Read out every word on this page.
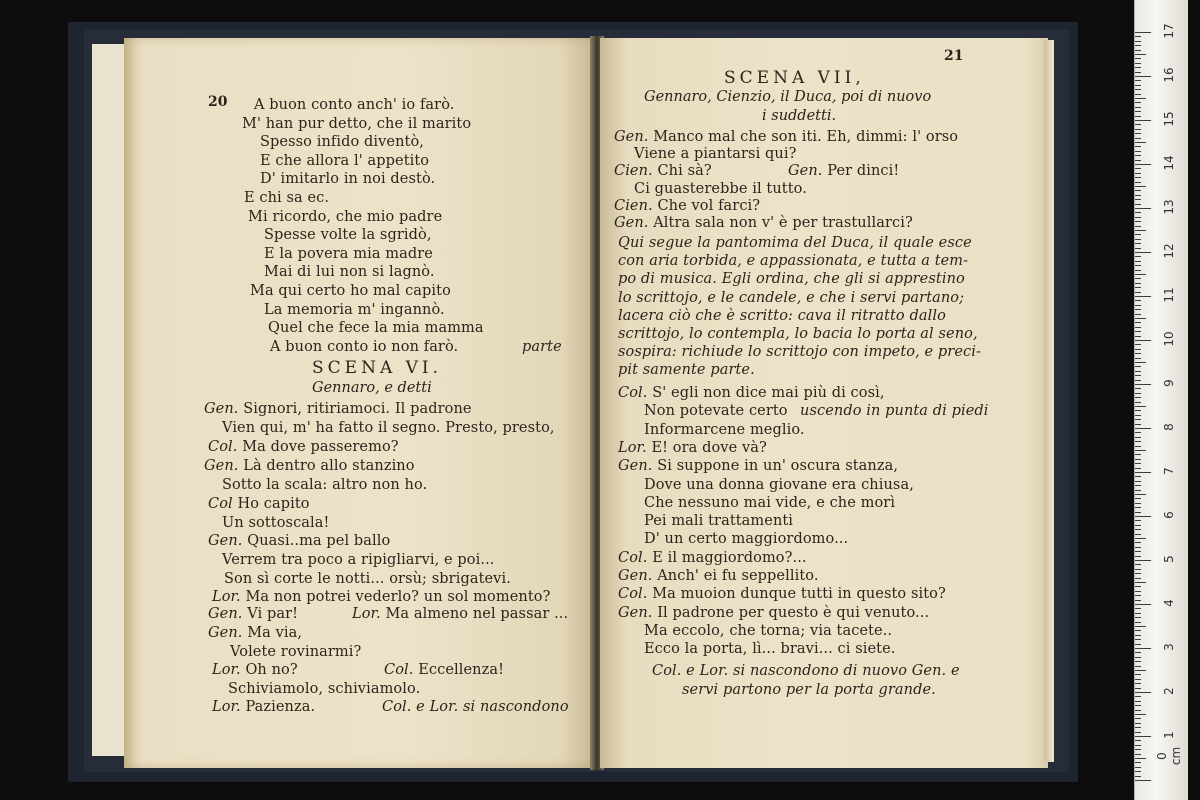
20 A buon conto anch' io farò.
M' han pur detto, che il marito
Spesso infido diventò,
E che allora l' appetito
D' imitarlo in noi destò.
E chi sa ec.
Mi ricordo, che mio padre
Spesse volte la sgridò,
E la povera mia madre
Mai di lui non si lagnò.
Ma qui certo ho mal capito
La memoria m' ingannò.
Quel che fece la mia mamma
A buon conto io non farò.	parte
SCENA VI.
Gennaro, e detti
Gen. Signori, ritiriamoci. Il padrone
Vien qui, m' ha fatto il segno. Presto, presto,
Col. Ma dove passeremo?
Gen. Là dentro allo stanzino
Sotto la scala: altro non ho.
Col Ho capito
Un sottoscala!
Gen. Quasi..ma pel ballo
Verrem tra poco a ripigliarvi, e poi...
Son sì corte le notti... orsù; sbrigatevi.
Lor. Ma non potrei vederlo? un sol momento?
Gen. Vi par!
Volete rovinarmi?
Lor. Oh no?
Schiviamolo, schiviamolo.
Lor. Pazienza.
Lor. Ma almeno nel passar ...
Gen. Ma via,
Col. Eccellenza!
Col. e Lor. si nascondono
21
SCENA VII,
Gennaro, Cienzio, il Duca, poi di nuovo
i suddetti.
Gen. Manco mal che son iti. Eh, dimmi: l' orso
Viene a piantarsi qui?
Cien. Chi sà?
Ci guasterebbe il tutto.
Cien. Che vol farci?
Gen. Altra sala non v' è per trastullarci?
Gen. Per dinci!
Qui segue la pantomima del Duca, il quale esce
con aria torbida, e appassionata, e tutta a tem-
po di musica. Egli ordina, che gli si apprestino
lo scrittojo, e le candele, e che i servi partano;
lacera ciò che è scritto: cava il ritratto dallo
scrittojo, lo contempla, lo bacia lo porta al seno,
sospira: richiude lo scrittojo con impeto, e preci-
pit samente parte.
Col. S' egli non dice mai più di così,
Non potevate certo
Informarcene meglio.
Lor. E! ora dove và?
Gen. Si suppone in un' oscura stanza,
Dove una donna giovane era chiusa,
Che nessuno mai vide, e che morì
Pei mali trattamenti
D' un certo maggiordomo...
Col. E il maggiordomo?...
Gen. Anch' ei fu seppellito.
Col. Ma muoion dunque tutti in questo sito?
Gen. Il padrone per questo è qui venuto...
Ma eccolo, che torna; via tacete..
Ecco la porta, lì... bravi... ci siete.
uscendo in punta di piedi
Col. e Lor. si nascondono di nuovo Gen. e
servi partono per la porta grande.
0 cm
1
2
3
4
5
6
7
8
9
10
11
12
13
14
15
16
17
